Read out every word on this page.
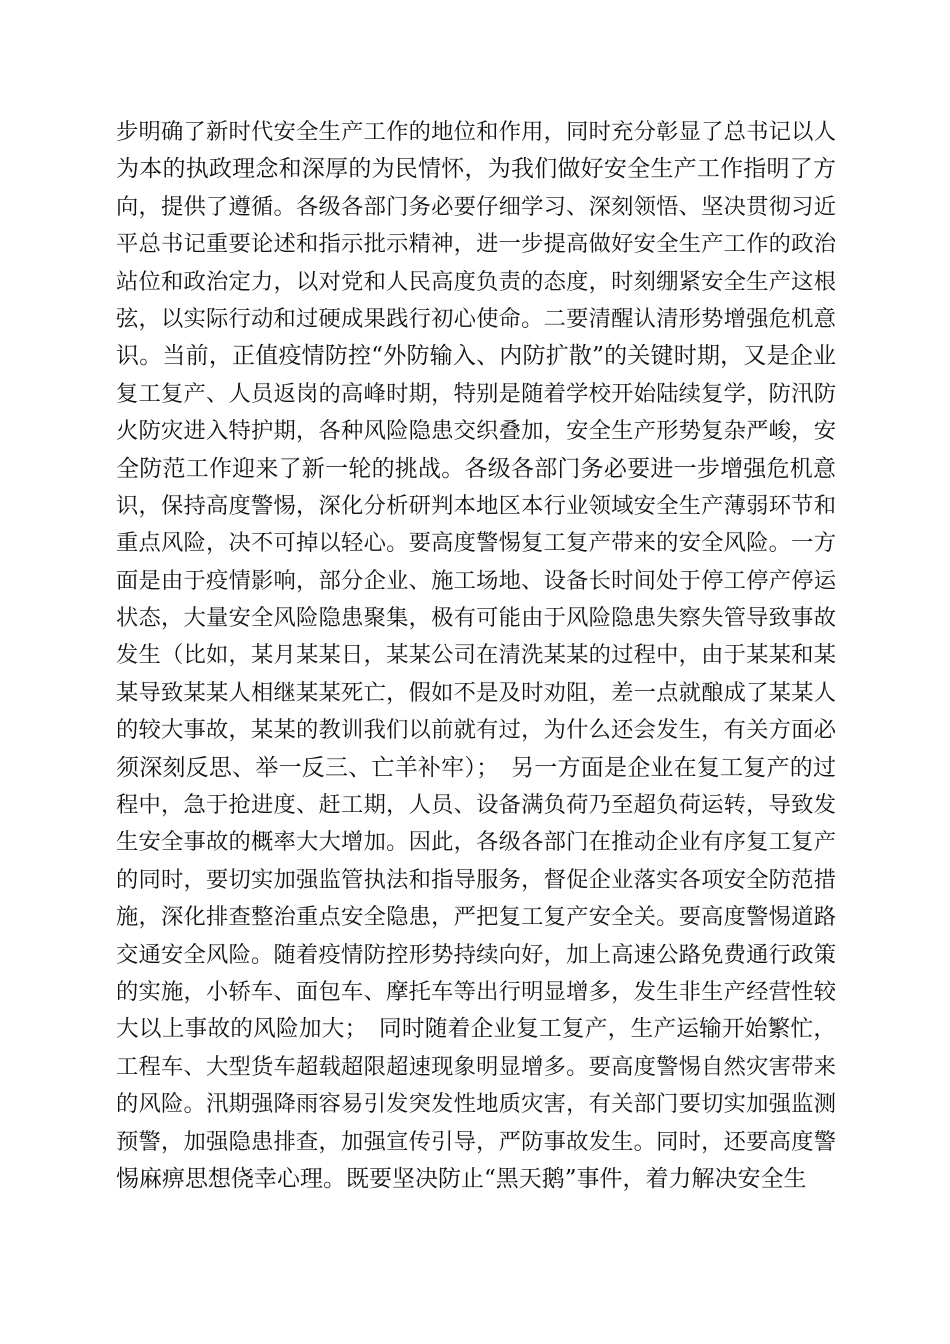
步明确了新时代安全生产工作的地位和作用，同时充分彰显了总书记以人
为本的执政理念和深厚的为民情怀，为我们做好安全生产工作指明了方
向，提供了遵循。各级各部门务必要仔细学习、深刻领悟、坚决贯彻习近
平总书记重要论述和指示批示精神，进一步提高做好安全生产工作的政治
站位和政治定力，以对党和人民高度负责的态度，时刻绷紧安全生产这根
弦，以实际行动和过硬成果践行初心使命。二要清醒认清形势增强危机意
识。当前，正值疫情防控“外防输入、内防扩散”的关键时期，又是企业
复工复产、人员返岗的高峰时期，特别是随着学校开始陆续复学，防汛防
火防灾进入特护期，各种风险隐患交织叠加，安全生产形势复杂严峻，安
全防范工作迎来了新一轮的挑战。各级各部门务必要进一步增强危机意
识，保持高度警惕，深化分析研判本地区本行业领域安全生产薄弱环节和
重点风险，决不可掉以轻心。要高度警惕复工复产带来的安全风险。一方
面是由于疫情影响，部分企业、施工场地、设备长时间处于停工停产停运
状态，大量安全风险隐患聚集，极有可能由于风险隐患失察失管导致事故
发生（比如，某月某某日，某某公司在清洗某某的过程中，由于某某和某
某导致某某人相继某某死亡，假如不是及时劝阻，差一点就酿成了某某人
的较大事故，某某的教训我们以前就有过，为什么还会发生，有关方面必
须深刻反思、举一反三、亡羊补牢）；　另一方面是企业在复工复产的过
程中，急于抢进度、赶工期，人员、设备满负荷乃至超负荷运转，导致发
生安全事故的概率大大增加。因此，各级各部门在推动企业有序复工复产
的同时，要切实加强监管执法和指导服务，督促企业落实各项安全防范措
施，深化排查整治重点安全隐患，严把复工复产安全关。要高度警惕道路
交通安全风险。随着疫情防控形势持续向好，加上高速公路免费通行政策
的实施，小轿车、面包车、摩托车等出行明显增多，发生非生产经营性较
大以上事故的风险加大；　同时随着企业复工复产，生产运输开始繁忙，
工程车、大型货车超载超限超速现象明显增多。要高度警惕自然灾害带来
的风险。汛期强降雨容易引发突发性地质灾害，有关部门要切实加强监测
预警，加强隐患排查，加强宣传引导，严防事故发生。同时，还要高度警
惕麻痹思想侥幸心理。既要坚决防止“黑天鹅”事件，着力解决安全生
